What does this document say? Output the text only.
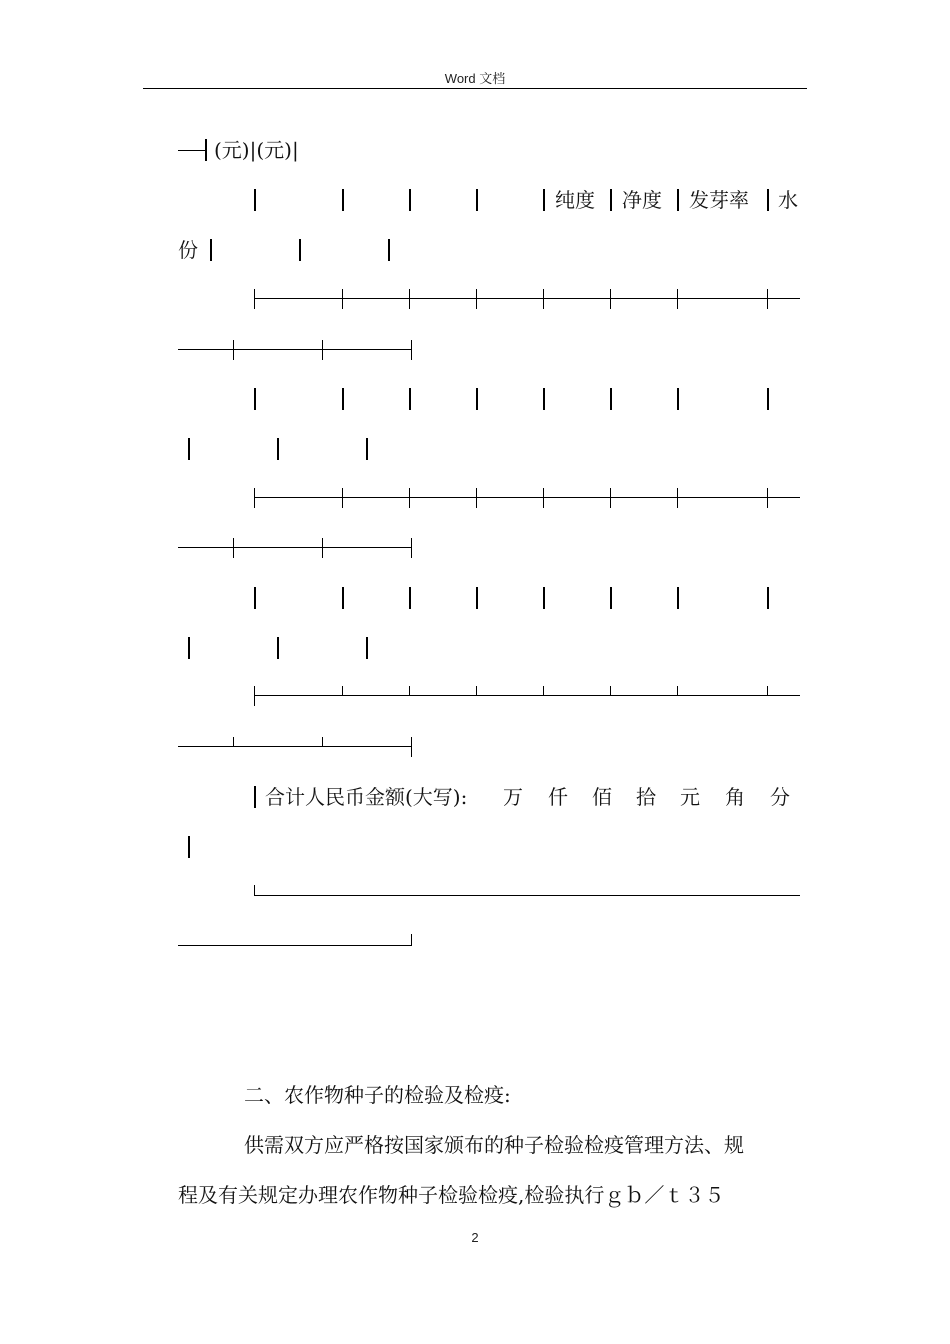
Word 文档
(元)|(元)|
纯度 净度 发芽率 水
份
合计人民币金额(大写): 万 仟 佰 拾 元 角 分
二、农作物种子的检验及检疫:
供需双方应严格按国家颁布的种子检验检疫管理方法、规
程及有关规定办理农作物种子检验检疫,检验执行ｇｂ／ｔ３５
2
